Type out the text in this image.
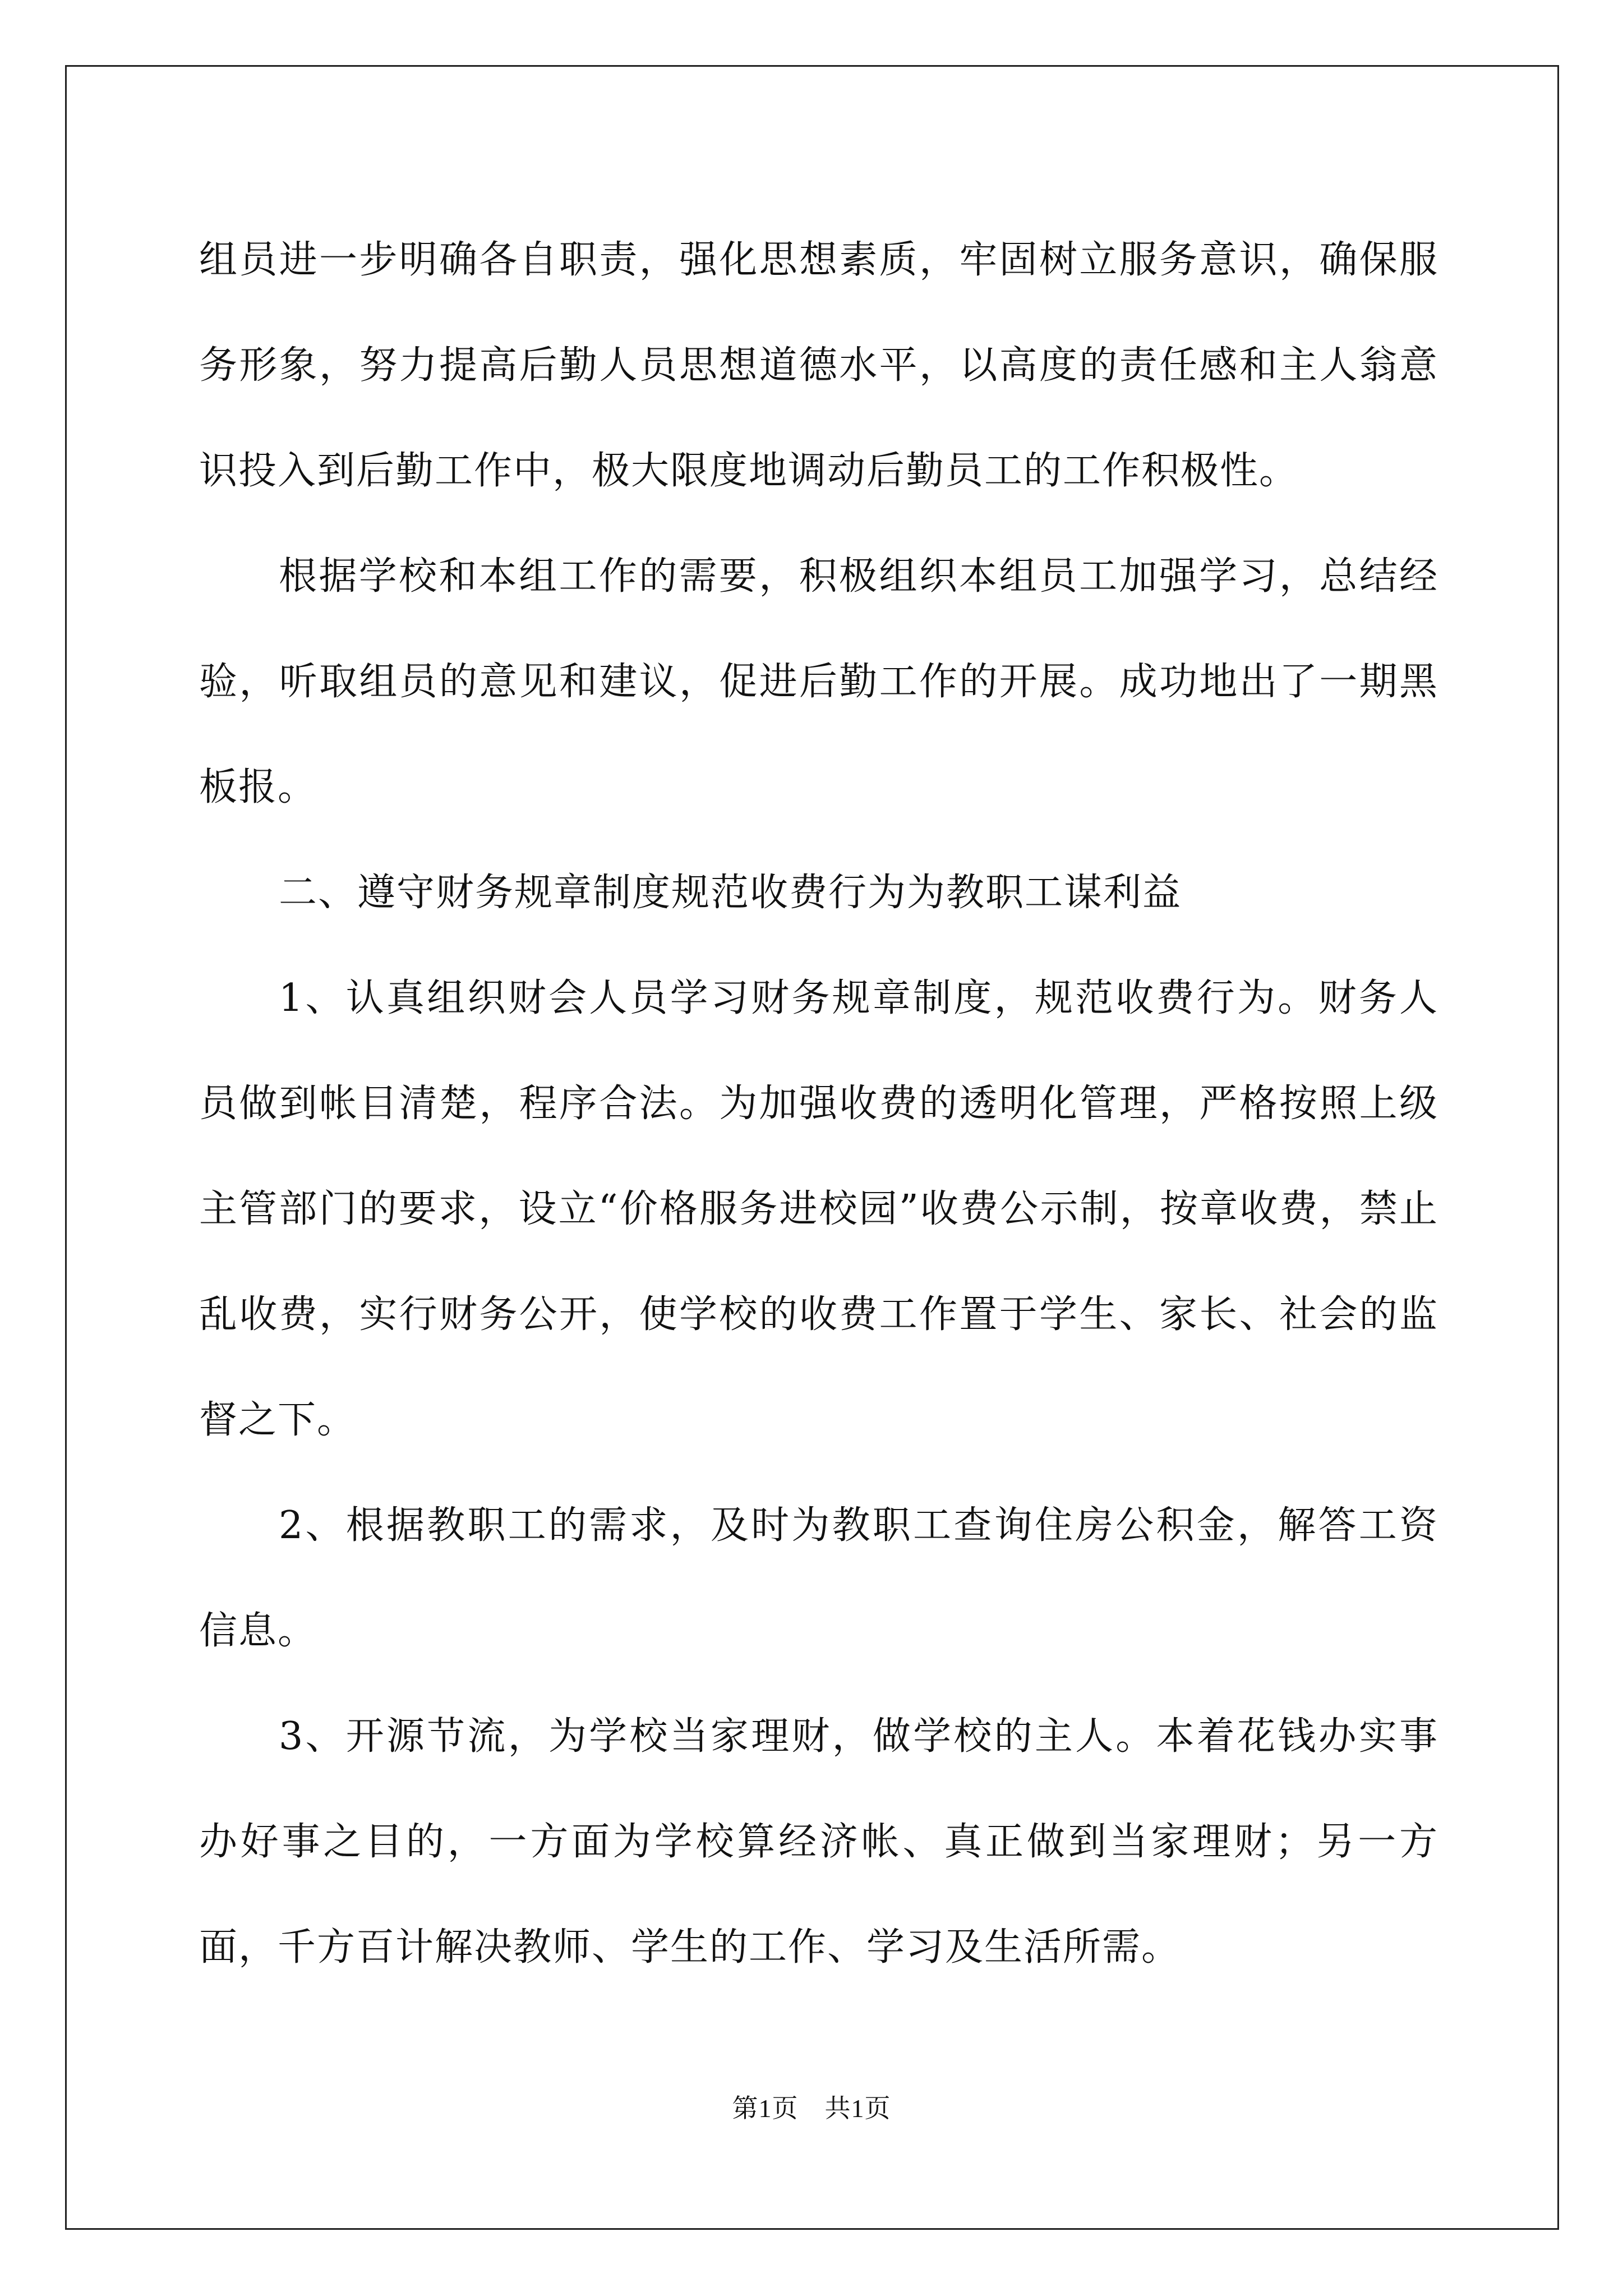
组员进一步明确各自职责，强化思想素质，牢固树立服务意识，确保服务形象，努力提高后勤人员思想道德水平，以高度的责任感和主人翁意识投入到后勤工作中，极大限度地调动后勤员工的工作积极性。

根据学校和本组工作的需要，积极组织本组员工加强学习，总结经验，听取组员的意见和建议，促进后勤工作的开展。成功地出了一期黑板报。

二、遵守财务规章制度规范收费行为为教职工谋利益

1、认真组织财会人员学习财务规章制度，规范收费行为。财务人员做到帐目清楚，程序合法。为加强收费的透明化管理，严格按照上级主管部门的要求，设立“价格服务进校园”收费公示制，按章收费，禁止乱收费，实行财务公开，使学校的收费工作置于学生、家长、社会的监督之下。

2、根据教职工的需求，及时为教职工查询住房公积金，解答工资信息。

3、开源节流，为学校当家理财，做学校的主人。本着花钱办实事办好事之目的，一方面为学校算经济帐、真正做到当家理财；另一方面，千方百计解决教师、学生的工作、学习及生活所需。

第1页　共1页
